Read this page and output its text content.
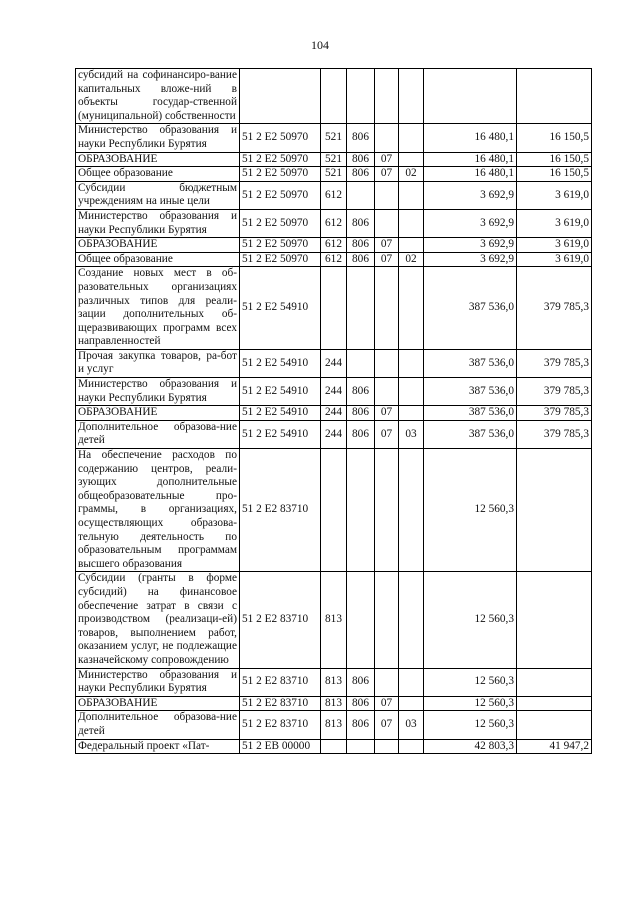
104
субсидий на софинансиро-вание капитальных вложе-ний в объекты государ-ственной (муниципальной) собственности							
Министерство образования и науки Республики Бурятия	51 2 Е2 50970	521	806			16 480,1	16 150,5
ОБРАЗОВАНИЕ	51 2 Е2 50970	521	806	07		16 480,1	16 150,5
Общее образование	51 2 Е2 50970	521	806	07	02	16 480,1	16 150,5
Субсидии бюджетным учреждениям на иные цели	51 2 Е2 50970	612				3 692,9	3 619,0
Министерство образования и науки Республики Бурятия	51 2 Е2 50970	612	806			3 692,9	3 619,0
ОБРАЗОВАНИЕ	51 2 Е2 50970	612	806	07		3 692,9	3 619,0
Общее образование	51 2 Е2 50970	612	806	07	02	3 692,9	3 619,0
Создание новых мест в об-разовательных организациях различных типов для реали-зации дополнительных об-щеразвивающих программ всех направленностей	51 2 Е2 54910					387 536,0	379 785,3
Прочая закупка товаров, ра-бот и услуг	51 2 Е2 54910	244				387 536,0	379 785,3
Министерство образования и науки Республики Бурятия	51 2 Е2 54910	244	806			387 536,0	379 785,3
ОБРАЗОВАНИЕ	51 2 Е2 54910	244	806	07		387 536,0	379 785,3
Дополнительное образова-ние детей	51 2 Е2 54910	244	806	07	03	387 536,0	379 785,3
На обеспечение расходов по содержанию центров, реали-зующих дополнительные общеобразовательные про-граммы, в организациях, осуществляющих образова-тельную деятельность по образовательным программам высшего образования	51 2 Е2 83710					12 560,3	
Субсидии (гранты в форме субсидий) на финансовое обеспечение затрат в связи с производством (реализаци-ей) товаров, выполнением работ, оказанием услуг, не подлежащие казначейскому сопровождению	51 2 Е2 83710	813				12 560,3	
Министерство образования и науки Республики Бурятия	51 2 Е2 83710	813	806			12 560,3	
ОБРАЗОВАНИЕ	51 2 Е2 83710	813	806	07		12 560,3	
Дополнительное образова-ние детей	51 2 Е2 83710	813	806	07	03	12 560,3	
Федеральный проект «Пат-	51 2 ЕВ 00000					42 803,3	41 947,2
